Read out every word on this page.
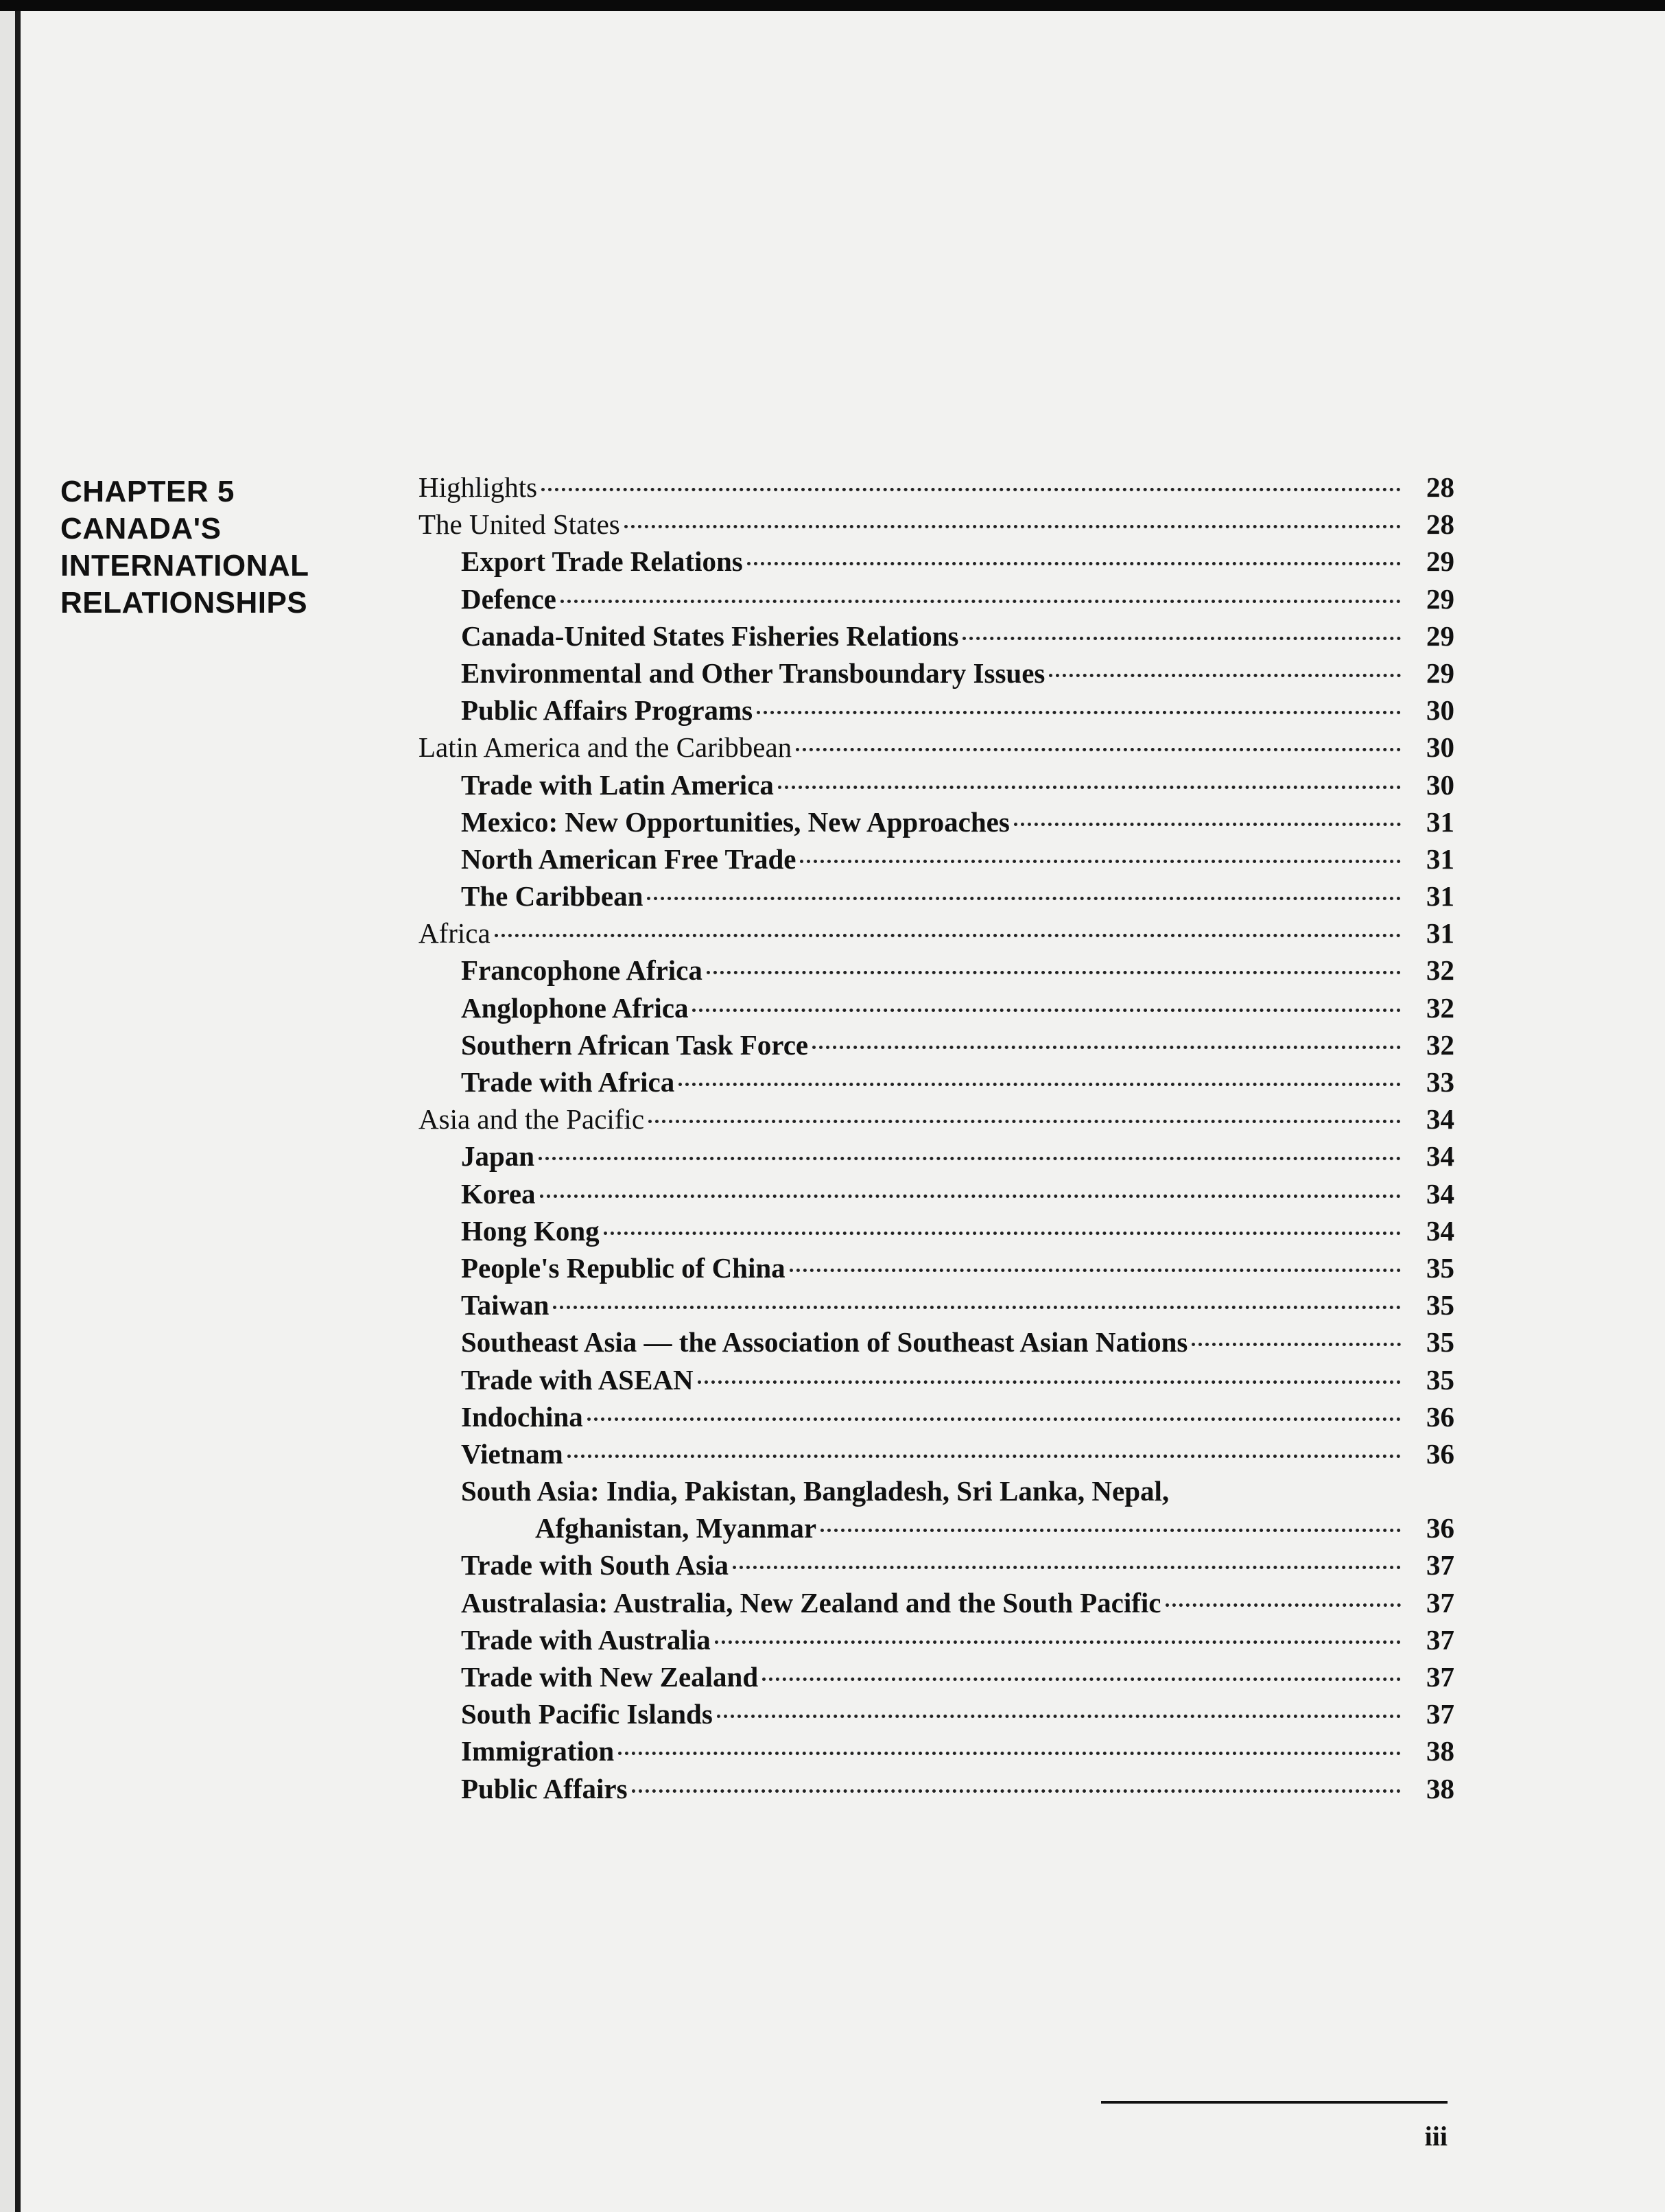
CHAPTER 5
CANADA'S
INTERNATIONAL
RELATIONSHIPS
Highlights	28
The United States	28
Export Trade Relations	29
Defence	29
Canada-United States Fisheries Relations	29
Environmental and Other Transboundary Issues	29
Public Affairs Programs	30
Latin America and the Caribbean	30
Trade with Latin America	30
Mexico: New Opportunities, New Approaches	31
North American Free Trade	31
The Caribbean	31
Africa	31
Francophone Africa	32
Anglophone Africa	32
Southern African Task Force	32
Trade with Africa	33
Asia and the Pacific	34
Japan	34
Korea	34
Hong Kong	34
People's Republic of China	35
Taiwan	35
Southeast Asia — the Association of Southeast Asian Nations	35
Trade with ASEAN	35
Indochina	36
Vietnam	36
South Asia: India, Pakistan, Bangladesh, Sri Lanka, Nepal,
Afghanistan, Myanmar	36
Trade with South Asia	37
Australasia: Australia, New Zealand and the South Pacific	37
Trade with Australia	37
Trade with New Zealand	37
South Pacific Islands	37
Immigration	38
Public Affairs	38
iii
